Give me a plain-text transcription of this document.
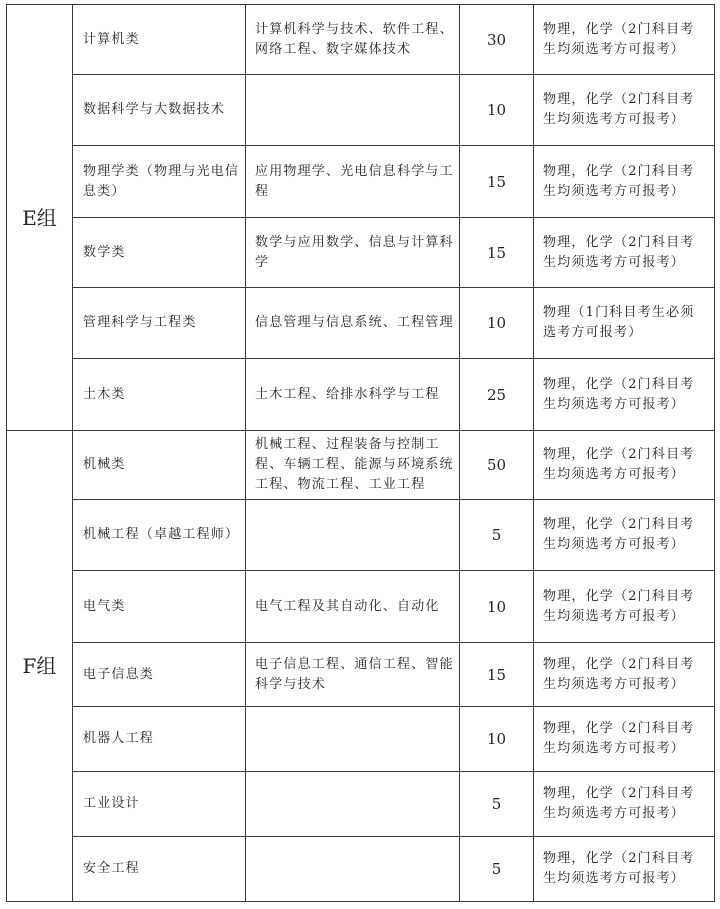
E组	计算机类	计算机科学与技术、软件工程、网络工程、数字媒体技术	30	物理，化学（2门科目考生均须选考方可报考）
	数据科学与大数据技术		10	物理，化学（2门科目考生均须选考方可报考）
	物理学类（物理与光电信息类）	应用物理学、光电信息科学与工程	15	物理，化学（2门科目考生均须选考方可报考）
	数学类	数学与应用数学、信息与计算科学	15	物理，化学（2门科目考生均须选考方可报考）
	管理科学与工程类	信息管理与信息系统、工程管理	10	物理（1门科目考生必须选考方可报考）
	土木类	土木工程、给排水科学与工程	25	物理，化学（2门科目考生均须选考方可报考）
F组	机械类	机械工程、过程装备与控制工程、车辆工程、能源与环境系统工程、物流工程、工业工程	50	物理，化学（2门科目考生均须选考方可报考）
	机械工程（卓越工程师）		5	物理，化学（2门科目考生均须选考方可报考）
	电气类	电气工程及其自动化、自动化	10	物理，化学（2门科目考生均须选考方可报考）
	电子信息类	电子信息工程、通信工程、智能科学与技术	15	物理，化学（2门科目考生均须选考方可报考）
	机器人工程		10	物理，化学（2门科目考生均须选考方可报考）
	工业设计		5	物理，化学（2门科目考生均须选考方可报考）
	安全工程		5	物理，化学（2门科目考生均须选考方可报考）
